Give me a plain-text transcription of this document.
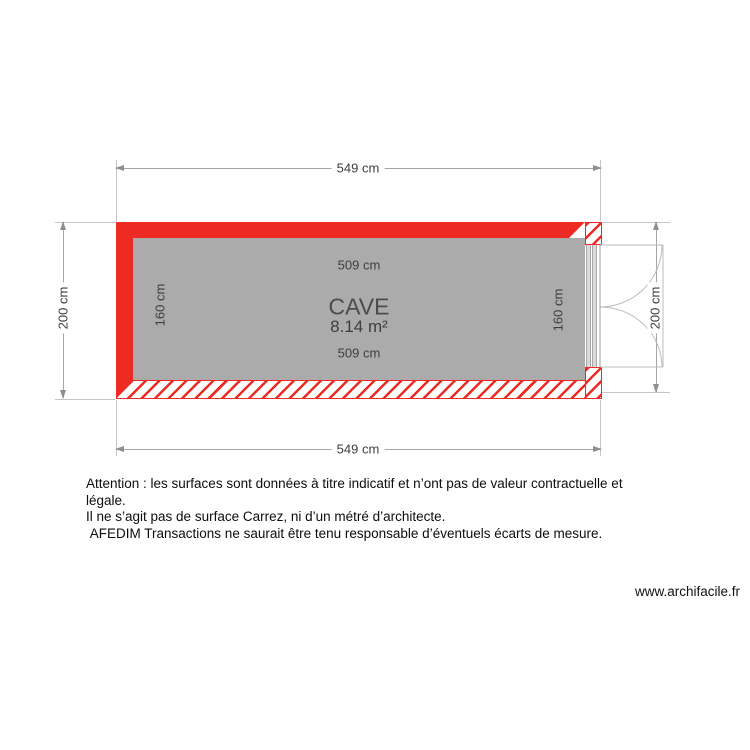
549 cm
549 cm
200 cm	200 cm
509 cm
509 cm
160 cm	160 cm
CAVE
8.14 m²
Attention : les surfaces sont données à titre indicatif et n’ont pas de valeur contractuelle et légale.
Il ne s’agit pas de surface Carrez, ni d’un métré d’architecte.
AFEDIM Transactions ne saurait être tenu responsable d’éventuels écarts de mesure.
www.archifacile.fr
